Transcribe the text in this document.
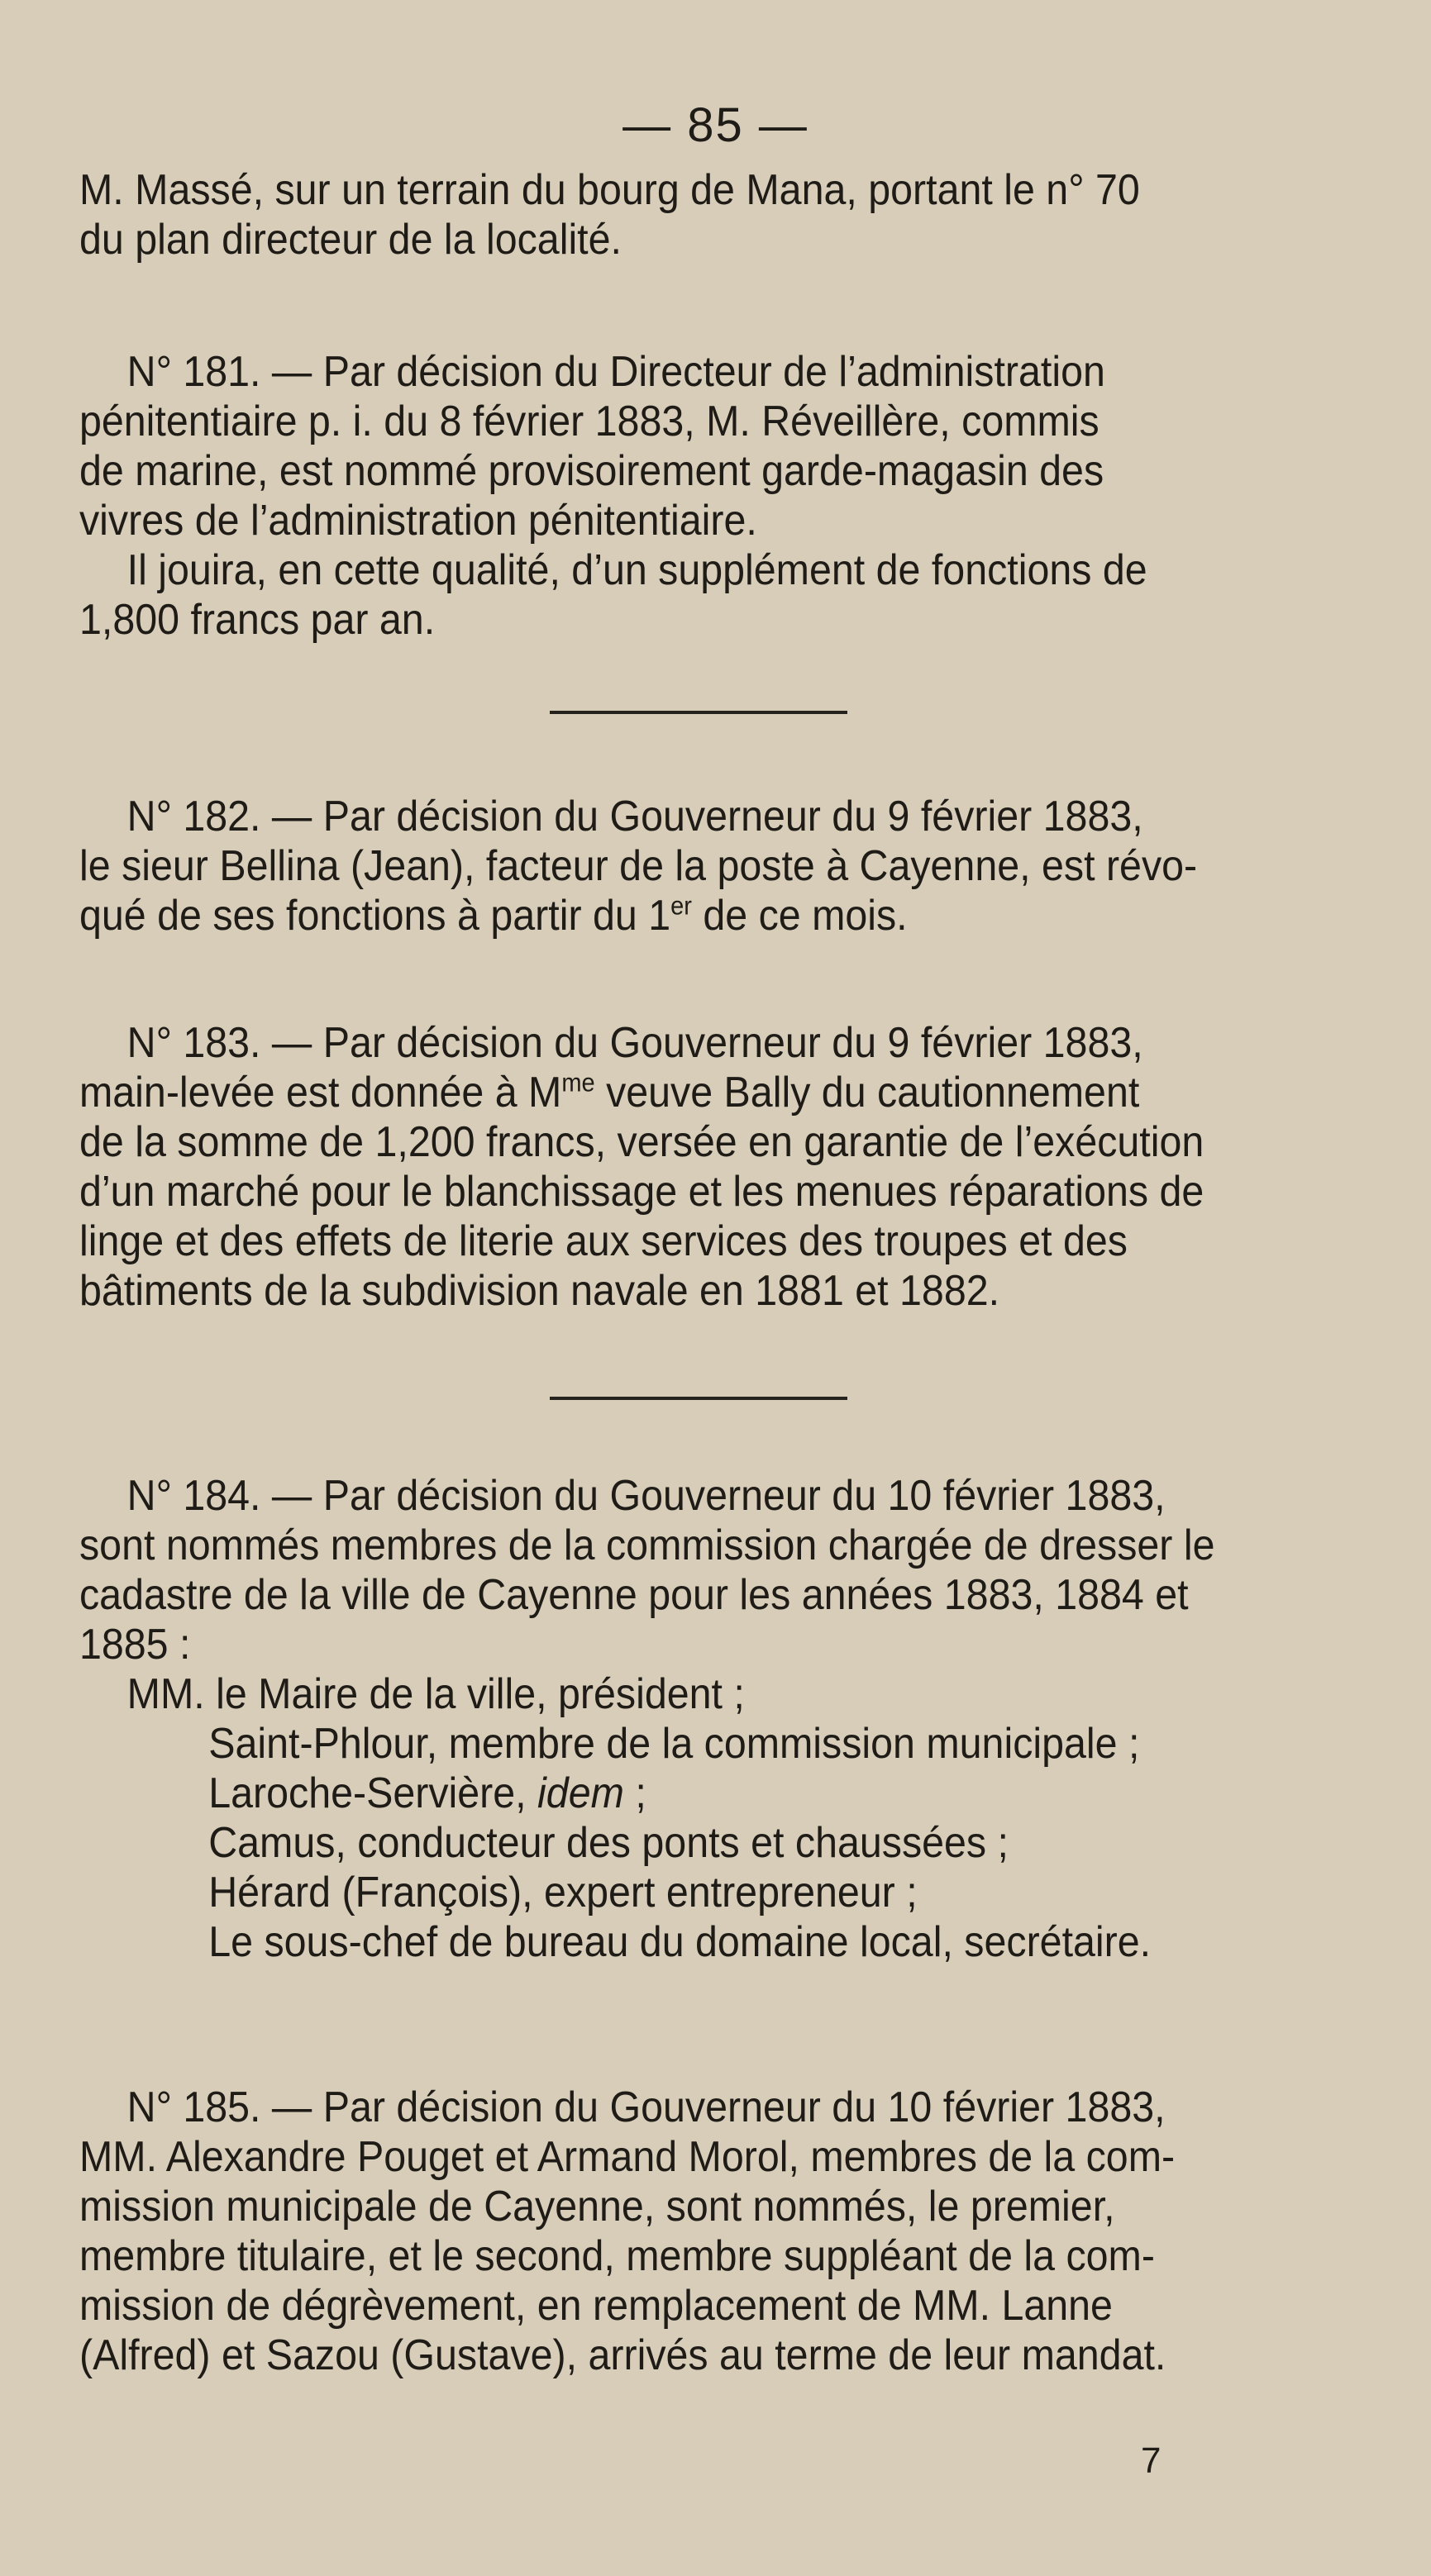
— 85 —
M. Massé, sur un terrain du bourg de Mana, portant le n° 70
du plan directeur de la localité.
N° 181. — Par décision du Directeur de l’administration
pénitentiaire p. i. du 8 février 1883, M. Réveillère, commis
de marine, est nommé provisoirement garde-magasin des
vivres de l’administration pénitentiaire.
Il jouira, en cette qualité, d’un supplément de fonctions de
1,800 francs par an.
N° 182. — Par décision du Gouverneur du 9 février 1883,
le sieur Bellina (Jean), facteur de la poste à Cayenne, est révo-
qué de ses fonctions à partir du 1er de ce mois.
N° 183. — Par décision du Gouverneur du 9 février 1883,
main-levée est donnée à $M^{me}$ veuve Bally du cautionnement
de la somme de 1,200 francs, versée en garantie de l’exécution
d’un marché pour le blanchissage et les menues réparations de
linge et des effets de literie aux services des troupes et des
bâtiments de la subdivision navale en 1881 et 1882.
N° 184. — Par décision du Gouverneur du 10 février 1883,
sont nommés membres de la commission chargée de dresser le
cadastre de la ville de Cayenne pour les années 1883, 1884 et
1885 :
MM. le Maire de la ville, président ;
Saint-Phlour, membre de la commission municipale ;
Laroche-Servière, idem ;
Camus, conducteur des ponts et chaussées ;
Hérard (François), expert entrepreneur ;
Le sous-chef de bureau du domaine local, secrétaire.
N° 185. — Par décision du Gouverneur du 10 février 1883,
MM. Alexandre Pouget et Armand Morol, membres de la com-
mission municipale de Cayenne, sont nommés, le premier,
membre titulaire, et le second, membre suppléant de la com-
mission de dégrèvement, en remplacement de MM. Lanne
(Alfred) et Sazou (Gustave), arrivés au terme de leur mandat.
7
